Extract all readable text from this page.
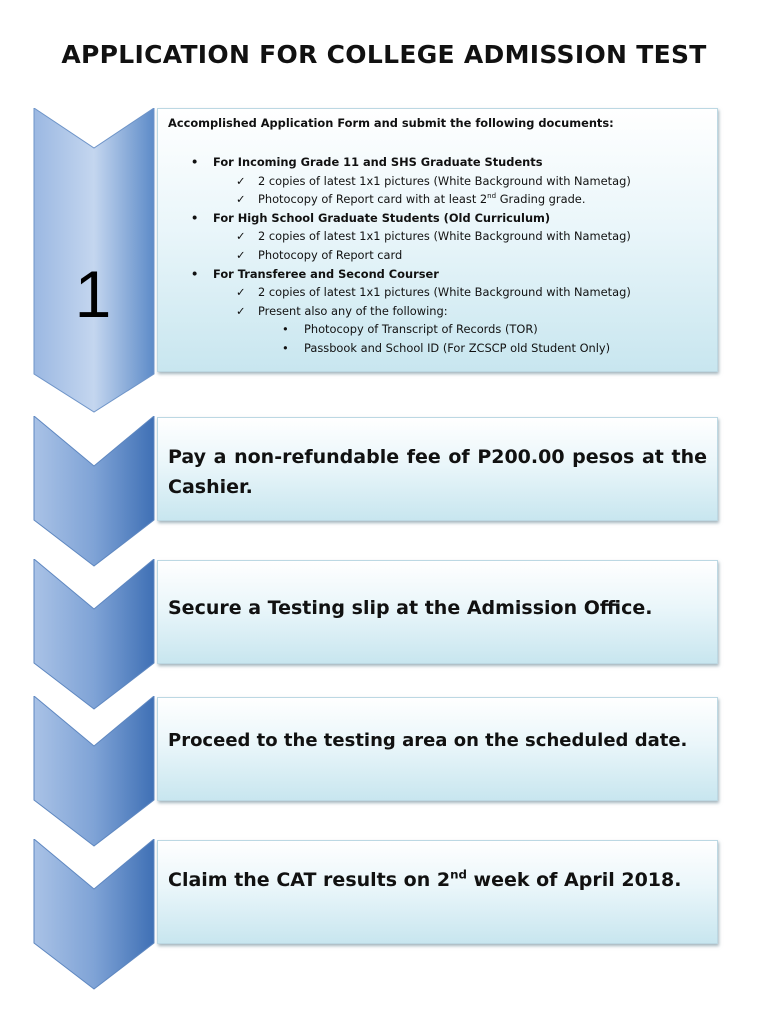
APPLICATION FOR COLLEGE ADMISSION TEST
1
Accomplished Application Form and submit the following documents:
• For Incoming Grade 11 and SHS Graduate Students
✓ 2 copies of latest 1x1 pictures (White Background with Nametag)
✓ Photocopy of Report card with at least 2nd Grading grade.
• For High School Graduate Students (Old Curriculum)
✓ 2 copies of latest 1x1 pictures (White Background with Nametag)
✓ Photocopy of Report card
• For Transferee and Second Courser
✓ 2 copies of latest 1x1 pictures (White Background with Nametag)
✓ Present also any of the following:
• Photocopy of Transcript of Records (TOR)
• Passbook and School ID (For ZCSCP old Student Only)
Pay a non-refundable fee of P200.00 pesos at the Cashier.
Secure a Testing slip at the Admission Office.
Proceed to the testing area on the scheduled date.
Claim the CAT results on 2nd week of April 2018.
